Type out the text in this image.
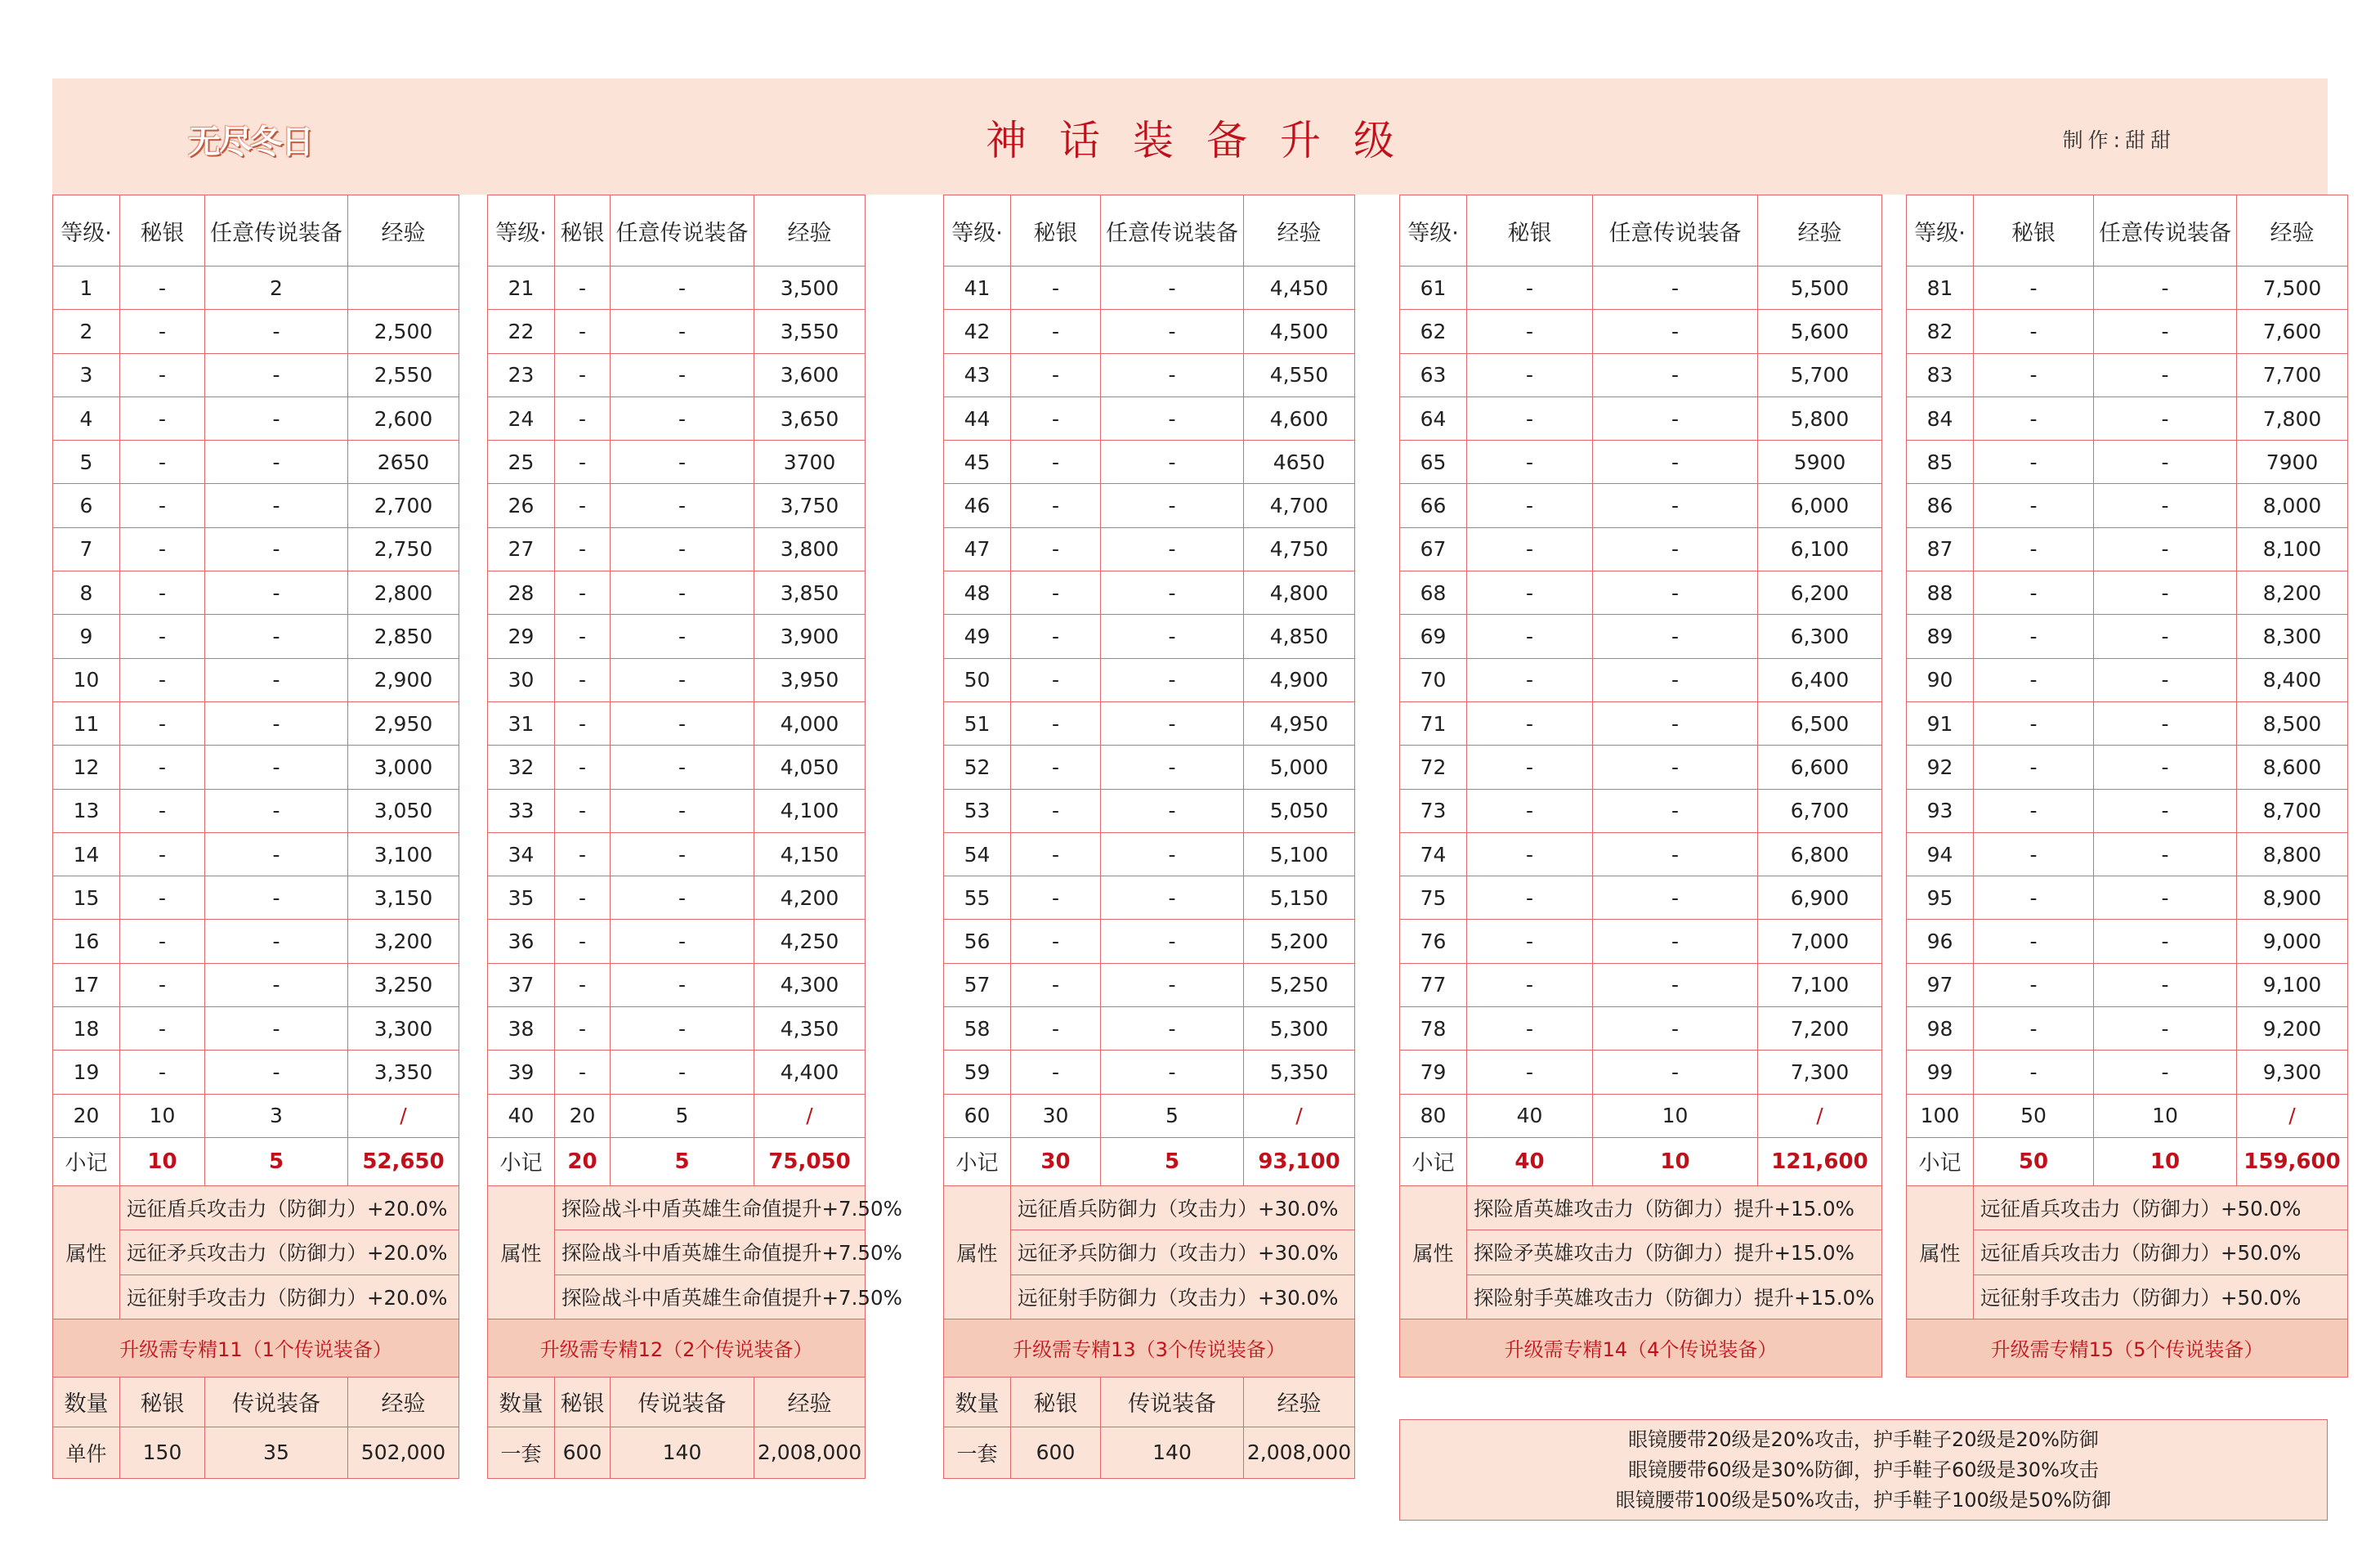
无尽冬日	神话装备升级	制作:甜甜
等级·	秘银	任意传说装备	经验
1	-	2	
2	-	-	2,500
3	-	-	2,550
4	-	-	2,600
5	-	-	2650
6	-	-	2,700
7	-	-	2,750
8	-	-	2,800
9	-	-	2,850
10	-	-	2,900
11	-	-	2,950
12	-	-	3,000
13	-	-	3,050
14	-	-	3,100
15	-	-	3,150
16	-	-	3,200
17	-	-	3,250
18	-	-	3,300
19	-	-	3,350
20	10	3	/
小记	10	5	52,650
属性	远征盾兵攻击力（防御力）+20.0%		
	远征矛兵攻击力（防御力）+20.0%		
	远征射手攻击力（防御力）+20.0%		
升级需专精11（1个传说装备）			
数量	秘银	传说装备	经验
单件	150	35	502,000
等级·	秘银	任意传说装备	经验
21	-	-	3,500
22	-	-	3,550
23	-	-	3,600
24	-	-	3,650
25	-	-	3700
26	-	-	3,750
27	-	-	3,800
28	-	-	3,850
29	-	-	3,900
30	-	-	3,950
31	-	-	4,000
32	-	-	4,050
33	-	-	4,100
34	-	-	4,150
35	-	-	4,200
36	-	-	4,250
37	-	-	4,300
38	-	-	4,350
39	-	-	4,400
40	20	5	/
小记	20	5	75,050
属性	探险战斗中盾英雄生命值提升+7.50%		
	探险战斗中盾英雄生命值提升+7.50%		
	探险战斗中盾英雄生命值提升+7.50%		
升级需专精12（2个传说装备）			
数量	秘银	传说装备	经验
一套	600	140	2,008,000
等级·	秘银	任意传说装备	经验
41	-	-	4,450
42	-	-	4,500
43	-	-	4,550
44	-	-	4,600
45	-	-	4650
46	-	-	4,700
47	-	-	4,750
48	-	-	4,800
49	-	-	4,850
50	-	-	4,900
51	-	-	4,950
52	-	-	5,000
53	-	-	5,050
54	-	-	5,100
55	-	-	5,150
56	-	-	5,200
57	-	-	5,250
58	-	-	5,300
59	-	-	5,350
60	30	5	/
小记	30	5	93,100
属性	远征盾兵防御力（攻击力）+30.0%		
	远征矛兵防御力（攻击力）+30.0%		
	远征射手防御力（攻击力）+30.0%		
升级需专精13（3个传说装备）			
数量	秘银	传说装备	经验
一套	600	140	2,008,000
等级·	秘银	任意传说装备	经验
61	-	-	5,500
62	-	-	5,600
63	-	-	5,700
64	-	-	5,800
65	-	-	5900
66	-	-	6,000
67	-	-	6,100
68	-	-	6,200
69	-	-	6,300
70	-	-	6,400
71	-	-	6,500
72	-	-	6,600
73	-	-	6,700
74	-	-	6,800
75	-	-	6,900
76	-	-	7,000
77	-	-	7,100
78	-	-	7,200
79	-	-	7,300
80	40	10	/
小记	40	10	121,600
属性	探险盾英雄攻击力（防御力）提升+15.0%		
	探险矛英雄攻击力（防御力）提升+15.0%		
	探险射手英雄攻击力（防御力）提升+15.0%		
升级需专精14（4个传说装备）			
等级·	秘银	任意传说装备	经验
81	-	-	7,500
82	-	-	7,600
83	-	-	7,700
84	-	-	7,800
85	-	-	7900
86	-	-	8,000
87	-	-	8,100
88	-	-	8,200
89	-	-	8,300
90	-	-	8,400
91	-	-	8,500
92	-	-	8,600
93	-	-	8,700
94	-	-	8,800
95	-	-	8,900
96	-	-	9,000
97	-	-	9,100
98	-	-	9,200
99	-	-	9,300
100	50	10	/
小记	50	10	159,600
属性	远征盾兵攻击力（防御力）+50.0%		
	远征盾兵攻击力（防御力）+50.0%		
	远征射手攻击力（防御力）+50.0%		
升级需专精15（5个传说装备）			
眼镜腰带20级是20%攻击，护手鞋子20级是20%防御
眼镜腰带60级是30%防御，护手鞋子60级是30%攻击
眼镜腰带100级是50%攻击，护手鞋子100级是50%防御
